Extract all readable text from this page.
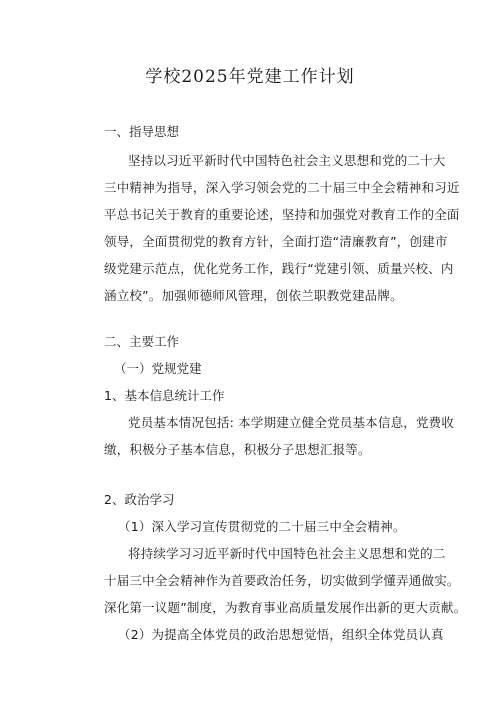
学校2025年党建工作计划
一、指导思想
坚持以习近平新时代中国特色社会主义思想和党的二十大
三中精神为指导，深入学习领会党的二十届三中全会精神和习近
平总书记关于教育的重要论述，坚持和加强党对教育工作的全面
领导，全面贯彻党的教育方针，全面打造“清廉教育”，创建市
级党建示范点，优化党务工作，践行“党建引领、质量兴校、内
涵立校”。加强师德师风管理，创依兰职教党建品牌。
二、主要工作
（一）党规党建
1、基本信息统计工作
党员基本情况包括: 本学期建立健全党员基本信息，党费收
缴，积极分子基本信息，积极分子思想汇报等。
2、政治学习
（1）深入学习宣传贯彻党的二十届三中全会精神。
将持续学习习近平新时代中国特色社会主义思想和党的二
十届三中全会精神作为首要政治任务，切实做到学懂弄通做实。
深化第一议题”制度，为教育事业高质量发展作出新的更大贡献。
（2）为提高全体党员的政治思想觉悟，组织全体党员认真
